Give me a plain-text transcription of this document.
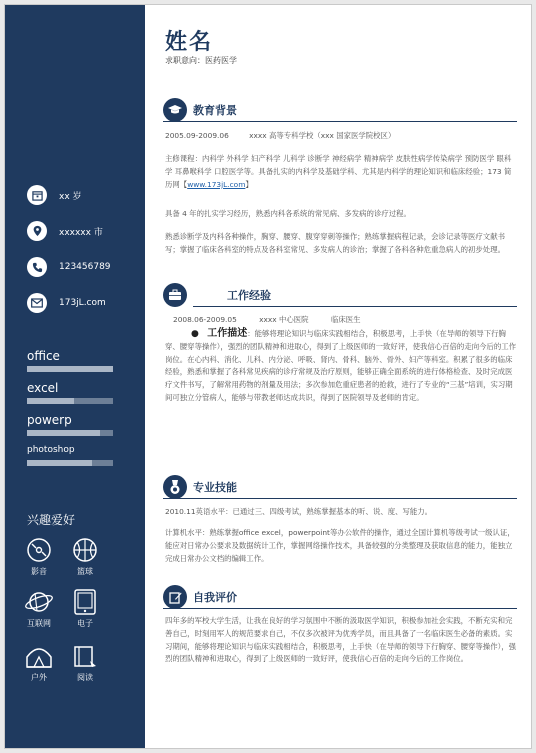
xx 岁
xxxxxx 市
123456789
173jL.com
office
excel
powerp
photoshop
兴趣爱好
影音	篮球
互联网	电子
户外	阅读
姓名
求职意向：医药医学
教育背景
2005.09-2009.06	xxxx 高等专科学校（xxx 国家医学院校区）
主修课程：内科学 外科学 妇产科学 儿科学 诊断学 神经病学 精神病学 皮肤性病学传染病学 预防医学 眼科学 耳鼻喉科学 口腔医学等。具备扎实的内科学及基础学科、尤其是内科学的理论知识和临床经验；173 简历网【www.173jL.com】
具备 4 年的扎实学习经历，熟悉内科各系统的常见病、多发病的诊疗过程。
熟悉诊断学及内科各种操作，胸穿、腰穿、腹穿穿刺等操作；熟练掌握病程记录，会诊记录等医疗文献书写；掌握了临床各科室的特点及各科室常见、多发病人的诊治；掌握了各科各种危重急病人的初步处理。
工作经验
2008.06-2009.05	xxxx 中心医院	临床医生
● 工作描述：能够将理论知识与临床实践相结合，积极思考，上手快（在导师的领导下行胸穿、腰穿等操作），强烈的团队精神和进取心，得到了上级医师的一致好评，使我信心百倍的走向今后的工作岗位。在心内科、消化、儿科、内分泌、呼吸、肾内、骨科、脑外、骨外、妇产等科室。积累了很多的临床经验，熟悉和掌握了各科常见疾病的诊疗常规及治疗原则，能够正确全面系统的进行体格检查、及时完成医疗文件书写，了解常用药物的剂量及用法；多次参加危重症患者的抢救，进行了专业的“三基”培训，实习期间可独立分管病人，能够与带教老师达成共识，得到了医院领导及老师的肯定。
专业技能
2010.11英语水平：已通过三、四级考试，熟练掌握基本的听、说、度、写能力。
计算机水平：熟练掌握office excel，powerpoint等办公软件的操作，通过全国计算机等级考试一级认证，能应对日常办公要求及数据统计工作，掌握网络操作技术，具备较强的分类整理及获取信息的能力，能独立完成日常办公文档的编辑工作。
自我评价
四年多的军校大学生活，让我在良好的学习氛围中不断的汲取医学知识，积极参加社会实践，不断充实和完善自己，时刻用军人的规范要求自己，不仅多次被评为优秀学员，而且具备了一名临床医生必备的素质。实习期间，能够将理论知识与临床实践相结合，积极思考，上手快（在导师的领导下行胸穿、腰穿等操作），强烈的团队精神和进取心，得到了上级医师的一致好评，使我信心百倍的走向今后的工作岗位。
